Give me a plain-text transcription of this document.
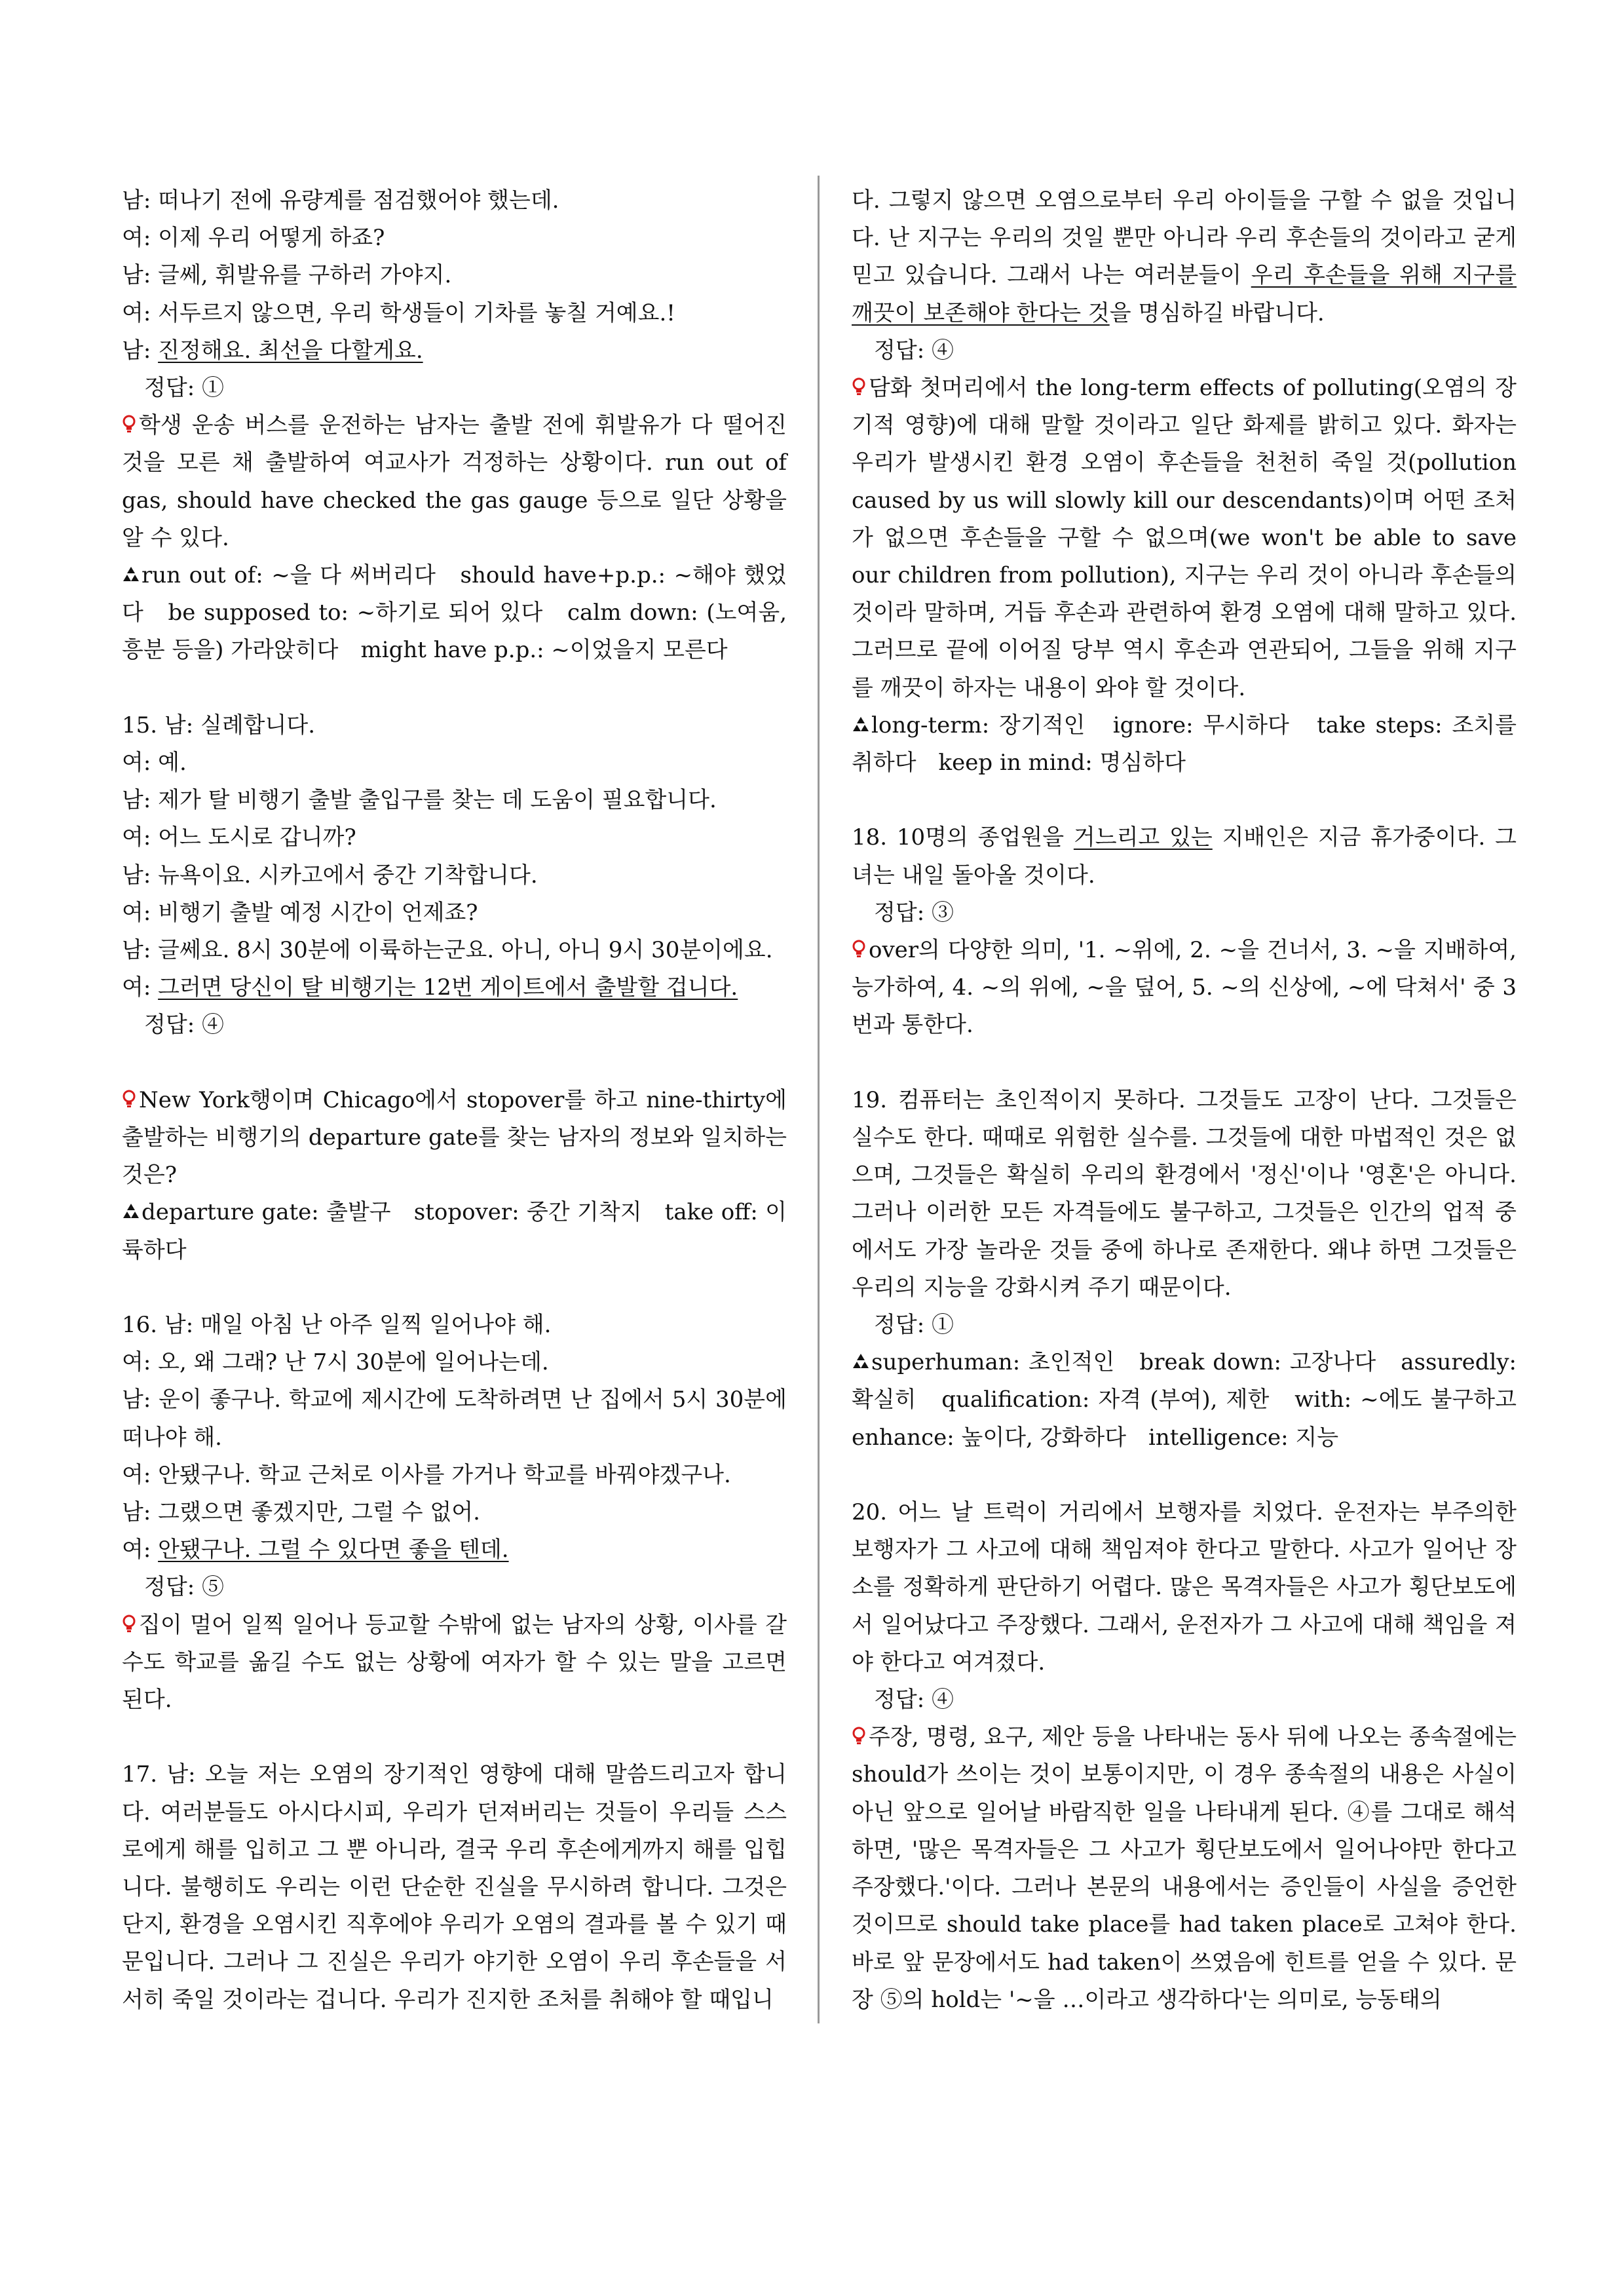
남: 떠나기 전에 유량계를 점검했어야 했는데.

여: 이제 우리 어떻게 하죠?

남: 글쎄, 휘발유를 구하러 가야지.

여: 서두르지 않으면, 우리 학생들이 기차를 놓칠 거예요.!

남: 진정해요. 최선을 다할게요.

정답: ①

학생 운송 버스를 운전하는 남자는 출발 전에 휘발유가 다 떨어진 것을 모른 채 출발하여 여교사가 걱정하는 상황이다. run out of gas, should have checked the gas gauge 등으로 일단 상황을 알 수 있다.

run out of: ~을 다 써버리다　should have+p.p.: ~해야 했었다　be supposed to: ~하기로 되어 있다　calm down: (노여움, 흥분 등을) 가라앉히다　might have p.p.: ~이었을지 모른다

15. 남: 실례합니다.

여: 예.

남: 제가 탈 비행기 출발 출입구를 찾는 데 도움이 필요합니다.

여: 어느 도시로 갑니까?

남: 뉴욕이요. 시카고에서 중간 기착합니다.

여: 비행기 출발 예정 시간이 언제죠?

남: 글쎄요. 8시 30분에 이륙하는군요. 아니, 아니 9시 30분이에요.

여: 그러면 당신이 탈 비행기는 12번 게이트에서 출발할 겁니다.

정답: ④

New York행이며 Chicago에서 stopover를 하고 nine-thirty에 출발하는 비행기의 departure gate를 찾는 남자의 정보와 일치하는 것은?

departure gate: 출발구　stopover: 중간 기착지　take off: 이륙하다

16. 남: 매일 아침 난 아주 일찍 일어나야 해.

여: 오, 왜 그래? 난 7시 30분에 일어나는데.

남: 운이 좋구나. 학교에 제시간에 도착하려면 난 집에서 5시 30분에 떠나야 해.

여: 안됐구나. 학교 근처로 이사를 가거나 학교를 바꿔야겠구나.

남: 그랬으면 좋겠지만, 그럴 수 없어.

여: 안됐구나. 그럴 수 있다면 좋을 텐데.

정답: ⑤

집이 멀어 일찍 일어나 등교할 수밖에 없는 남자의 상황, 이사를 갈 수도 학교를 옮길 수도 없는 상황에 여자가 할 수 있는 말을 고르면 된다.

17. 남: 오늘 저는 오염의 장기적인 영향에 대해 말씀드리고자 합니다. 여러분들도 아시다시피, 우리가 던져버리는 것들이 우리들 스스로에게 해를 입히고 그 뿐 아니라, 결국 우리 후손에게까지 해를 입힙니다. 불행히도 우리는 이런 단순한 진실을 무시하려 합니다. 그것은 단지, 환경을 오염시킨 직후에야 우리가 오염의 결과를 볼 수 있기 때문입니다. 그러나 그 진실은 우리가 야기한 오염이 우리 후손들을 서서히 죽일 것이라는 겁니다. 우리가 진지한 조처를 취해야 할 때입니

다. 그렇지 않으면 오염으로부터 우리 아이들을 구할 수 없을 것입니다. 난 지구는 우리의 것일 뿐만 아니라 우리 후손들의 것이라고 굳게 믿고 있습니다. 그래서 나는 여러분들이 우리 후손들을 위해 지구를 깨끗이 보존해야 한다는 것을 명심하길 바랍니다.

정답: ④

담화 첫머리에서 the long-term effects of polluting(오염의 장기적 영향)에 대해 말할 것이라고 일단 화제를 밝히고 있다. 화자는 우리가 발생시킨 환경 오염이 후손들을 천천히 죽일 것(pollution caused by us will slowly kill our descendants)이며 어떤 조처가 없으면 후손들을 구할 수 없으며(we won't be able to save our children from pollution), 지구는 우리 것이 아니라 후손들의 것이라 말하며, 거듭 후손과 관련하여 환경 오염에 대해 말하고 있다. 그러므로 끝에 이어질 당부 역시 후손과 연관되어, 그들을 위해 지구를 깨끗이 하자는 내용이 와야 할 것이다.

long-term: 장기적인　ignore: 무시하다　take steps: 조치를 취하다　keep in mind: 명심하다

18. 10명의 종업원을 거느리고 있는 지배인은 지금 휴가중이다. 그녀는 내일 돌아올 것이다.

정답: ③

over의 다양한 의미, '1. ~위에, 2. ~을 건너서, 3. ~을 지배하여, 능가하여, 4. ~의 위에, ~을 덮어, 5. ~의 신상에, ~에 닥쳐서' 중 3번과 통한다.

19. 컴퓨터는 초인적이지 못하다. 그것들도 고장이 난다. 그것들은 실수도 한다. 때때로 위험한 실수를. 그것들에 대한 마법적인 것은 없으며, 그것들은 확실히 우리의 환경에서 '정신'이나 '영혼'은 아니다. 그러나 이러한 모든 자격들에도 불구하고, 그것들은 인간의 업적 중에서도 가장 놀라운 것들 중에 하나로 존재한다. 왜냐 하면 그것들은 우리의 지능을 강화시켜 주기 때문이다.

정답: ①

superhuman: 초인적인　break down: 고장나다　assuredly: 확실히　qualification: 자격 (부여), 제한　with: ~에도 불구하고　enhance: 높이다, 강화하다　intelligence: 지능

20. 어느 날 트럭이 거리에서 보행자를 치었다. 운전자는 부주의한 보행자가 그 사고에 대해 책임져야 한다고 말한다. 사고가 일어난 장소를 정확하게 판단하기 어렵다. 많은 목격자들은 사고가 횡단보도에서 일어났다고 주장했다. 그래서, 운전자가 그 사고에 대해 책임을 져야 한다고 여겨졌다.

정답: ④

주장, 명령, 요구, 제안 등을 나타내는 동사 뒤에 나오는 종속절에는 should가 쓰이는 것이 보통이지만, 이 경우 종속절의 내용은 사실이 아닌 앞으로 일어날 바람직한 일을 나타내게 된다. ④를 그대로 해석하면, '많은 목격자들은 그 사고가 횡단보도에서 일어나야만 한다고 주장했다.'이다. 그러나 본문의 내용에서는 증인들이 사실을 증언한 것이므로 should take place를 had taken place로 고쳐야 한다. 바로 앞 문장에서도 had taken이 쓰였음에 힌트를 얻을 수 있다. 문장 ⑤의 hold는 '~을 …이라고 생각하다'는 의미로, 능동태의
